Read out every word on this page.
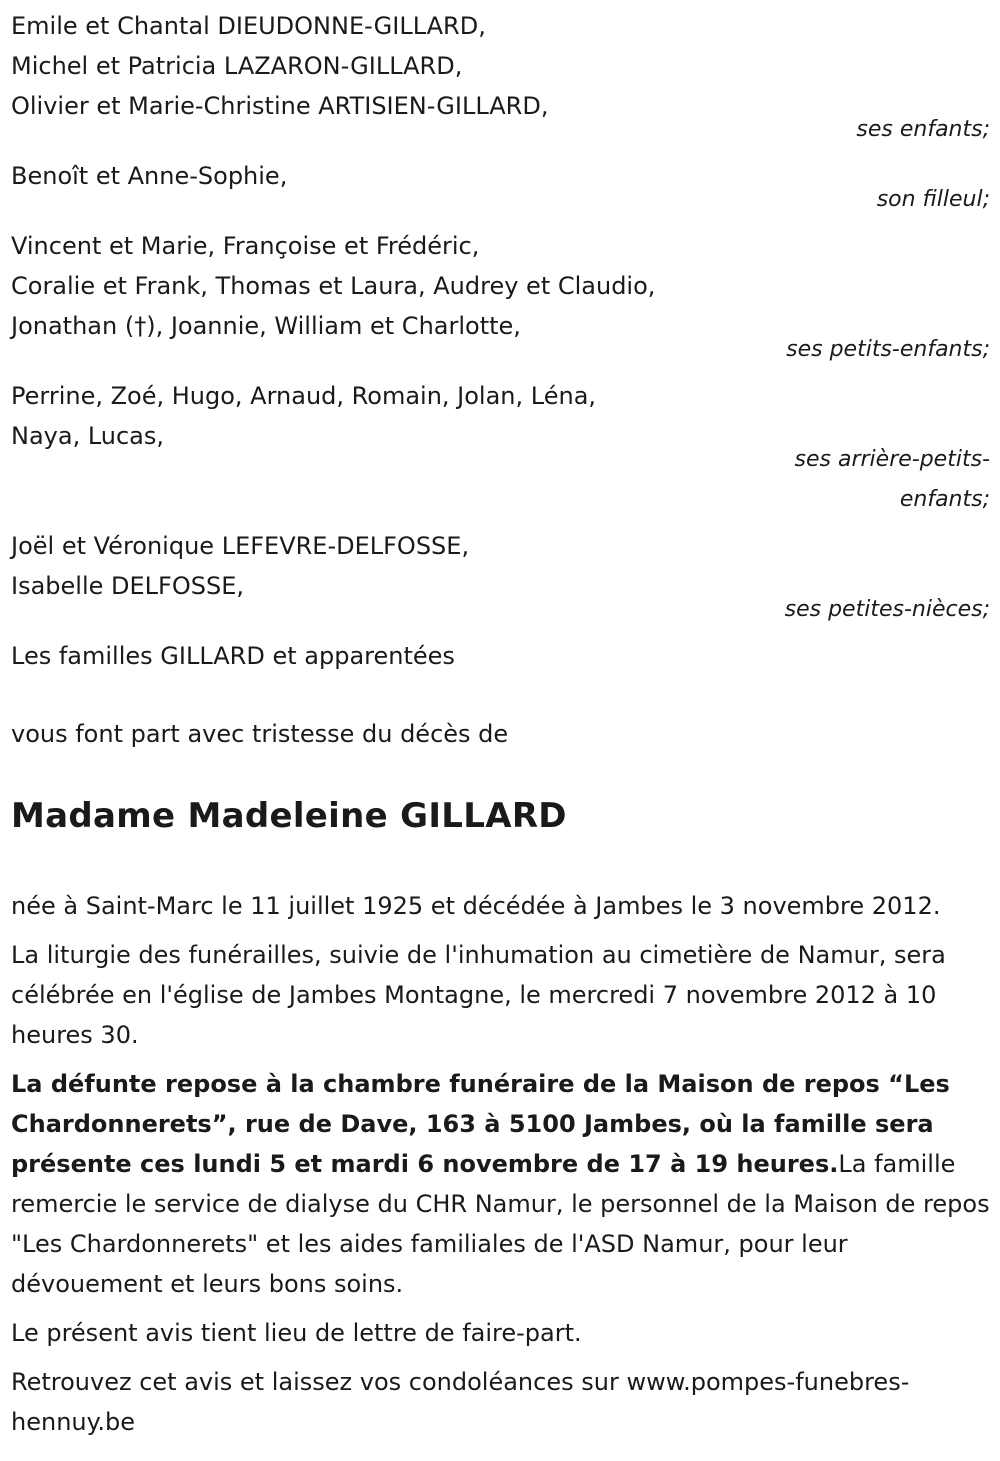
Emile et Chantal DIEUDONNE-GILLARD,
Michel et Patricia LAZARON-GILLARD,
Olivier et Marie-Christine ARTISIEN-GILLARD,

ses enfants;

Benoît et Anne-Sophie,

son filleul;

Vincent et Marie, Françoise et Frédéric,
Coralie et Frank, Thomas et Laura, Audrey et Claudio,
Jonathan (†), Joannie, William et Charlotte,

ses petits-enfants;

Perrine, Zoé, Hugo, Arnaud, Romain, Jolan, Léna,
Naya, Lucas,

ses arrière-petits-
enfants;

Joël et Véronique LEFEVRE-DELFOSSE,
Isabelle DELFOSSE,

ses petites-nièces;

Les familles GILLARD et apparentées

vous font part avec tristesse du décès de

Madame Madeleine GILLARD

née à Saint-Marc le 11 juillet 1925 et décédée à Jambes le 3 novembre 2012.

La liturgie des funérailles, suivie de l'inhumation au cimetière de Namur, sera célébrée en l'église de Jambes Montagne, le mercredi 7 novembre 2012 à 10 heures 30.

La défunte repose à la chambre funéraire de la Maison de repos “Les Chardonnerets”, rue de Dave, 163 à 5100 Jambes, où la famille sera présente ces lundi 5 et mardi 6 novembre de 17 à 19 heures.La famille remercie le service de dialyse du CHR Namur, le personnel de la Maison de repos "Les Chardonnerets" et les aides familiales de l'ASD Namur, pour leur dévouement et leurs bons soins.

Le présent avis tient lieu de lettre de faire-part.

Retrouvez cet avis et laissez vos condoléances sur www.pompes-funebres-hennuy.be
